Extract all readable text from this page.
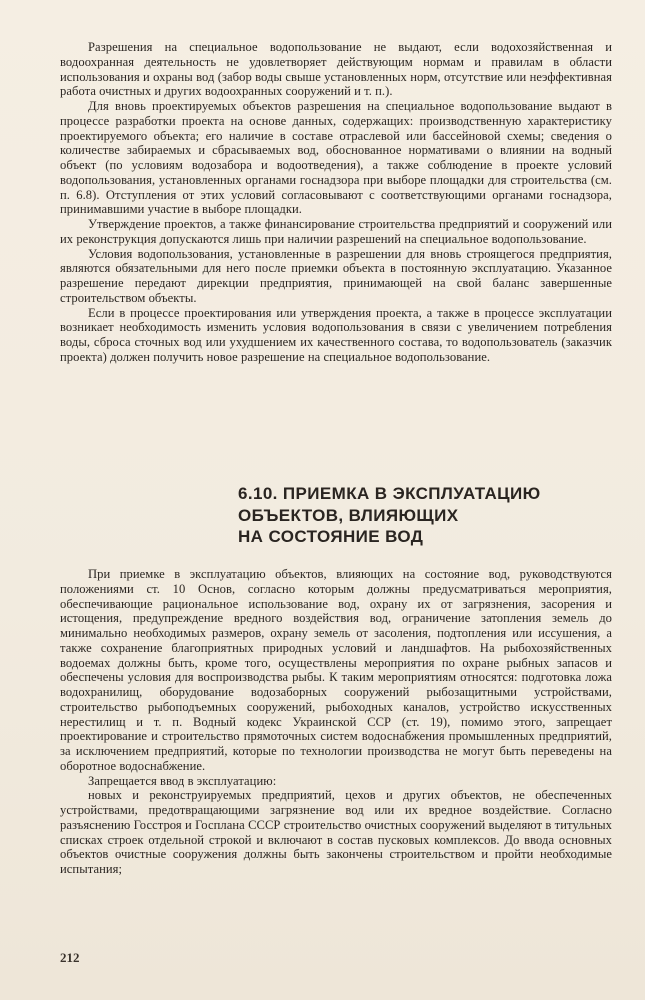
Разрешения на специальное водопользование не выдают, если водохозяйственная и водоохранная деятельность не удовлетворяет действующим нормам и правилам в области использования и охраны вод (забор воды свыше установленных норм, отсутствие или неэффективная работа очистных и других водоохранных сооружений и т. п.).

Для вновь проектируемых объектов разрешения на специальное водопользование выдают в процессе разработки проекта на основе данных, содержащих: производственную характеристику проектируемого объекта; его наличие в составе отраслевой или бассейновой схемы; сведения о количестве забираемых и сбрасываемых вод, обоснованное нормативами о влиянии на водный объект (по условиям водозабора и водоотведения), а также соблюдение в проекте условий водопользования, установленных органами госнадзора при выборе площадки для строительства (см. п. 6.8). Отступления от этих условий согласовывают с соответствующими органами госнадзора, принимавшими участие в выборе площадки.

Утверждение проектов, а также финансирование строительства предприятий и сооружений или их реконструкция допускаются лишь при наличии разрешений на специальное водопользование.

Условия водопользования, установленные в разрешении для вновь строящегося предприятия, являются обязательными для него после приемки объекта в постоянную эксплуатацию. Указанное разрешение передают дирекции предприятия, принимающей на свой баланс завершенные строительством объекты.

Если в процессе проектирования или утверждения проекта, а также в процессе эксплуатации возникает необходимость изменить условия водопользования в связи с увеличением потребления воды, сброса сточных вод или ухудшением их качественного состава, то водопользователь (заказчик проекта) должен получить новое разрешение на специальное водопользование.

6.10. ПРИЕМКА В ЭКСПЛУАТАЦИЮ
ОБЪЕКТОВ, ВЛИЯЮЩИХ
НА СОСТОЯНИЕ ВОД

При приемке в эксплуатацию объектов, влияющих на состояние вод, руководствуются положениями ст. 10 Основ, согласно которым должны предусматриваться мероприятия, обеспечивающие рациональное использование вод, охрану их от загрязнения, засорения и истощения, предупреждение вредного воздействия вод, ограничение затопления земель до минимально необходимых размеров, охрану земель от засоления, подтопления или иссушения, а также сохранение благоприятных природных условий и ландшафтов. На рыбохозяйственных водоемах должны быть, кроме того, осуществлены мероприятия по охране рыбных запасов и обеспечены условия для воспроизводства рыбы. К таким мероприятиям относятся: подготовка ложа водохранилищ, оборудование водозаборных сооружений рыбозащитными устройствами, строительство рыбоподъемных сооружений, рыбоходных каналов, устройство искусственных нерестилищ и т. п. Водный кодекс Украинской ССР (ст. 19), помимо этого, запрещает проектирование и строительство прямоточных систем водоснабжения промышленных предприятий, за исключением предприятий, которые по технологии производства не могут быть переведены на оборотное водоснабжение.

Запрещается ввод в эксплуатацию:

новых и реконструируемых предприятий, цехов и других объектов, не обеспеченных устройствами, предотвращающими загрязнение вод или их вредное воздействие. Согласно разъяснению Госстроя и Госплана СССР строительство очистных сооружений выделяют в титульных списках строек отдельной строкой и включают в состав пусковых комплексов. До ввода основных объектов очистные сооружения должны быть закончены строительством и пройти необходимые испытания;

212
